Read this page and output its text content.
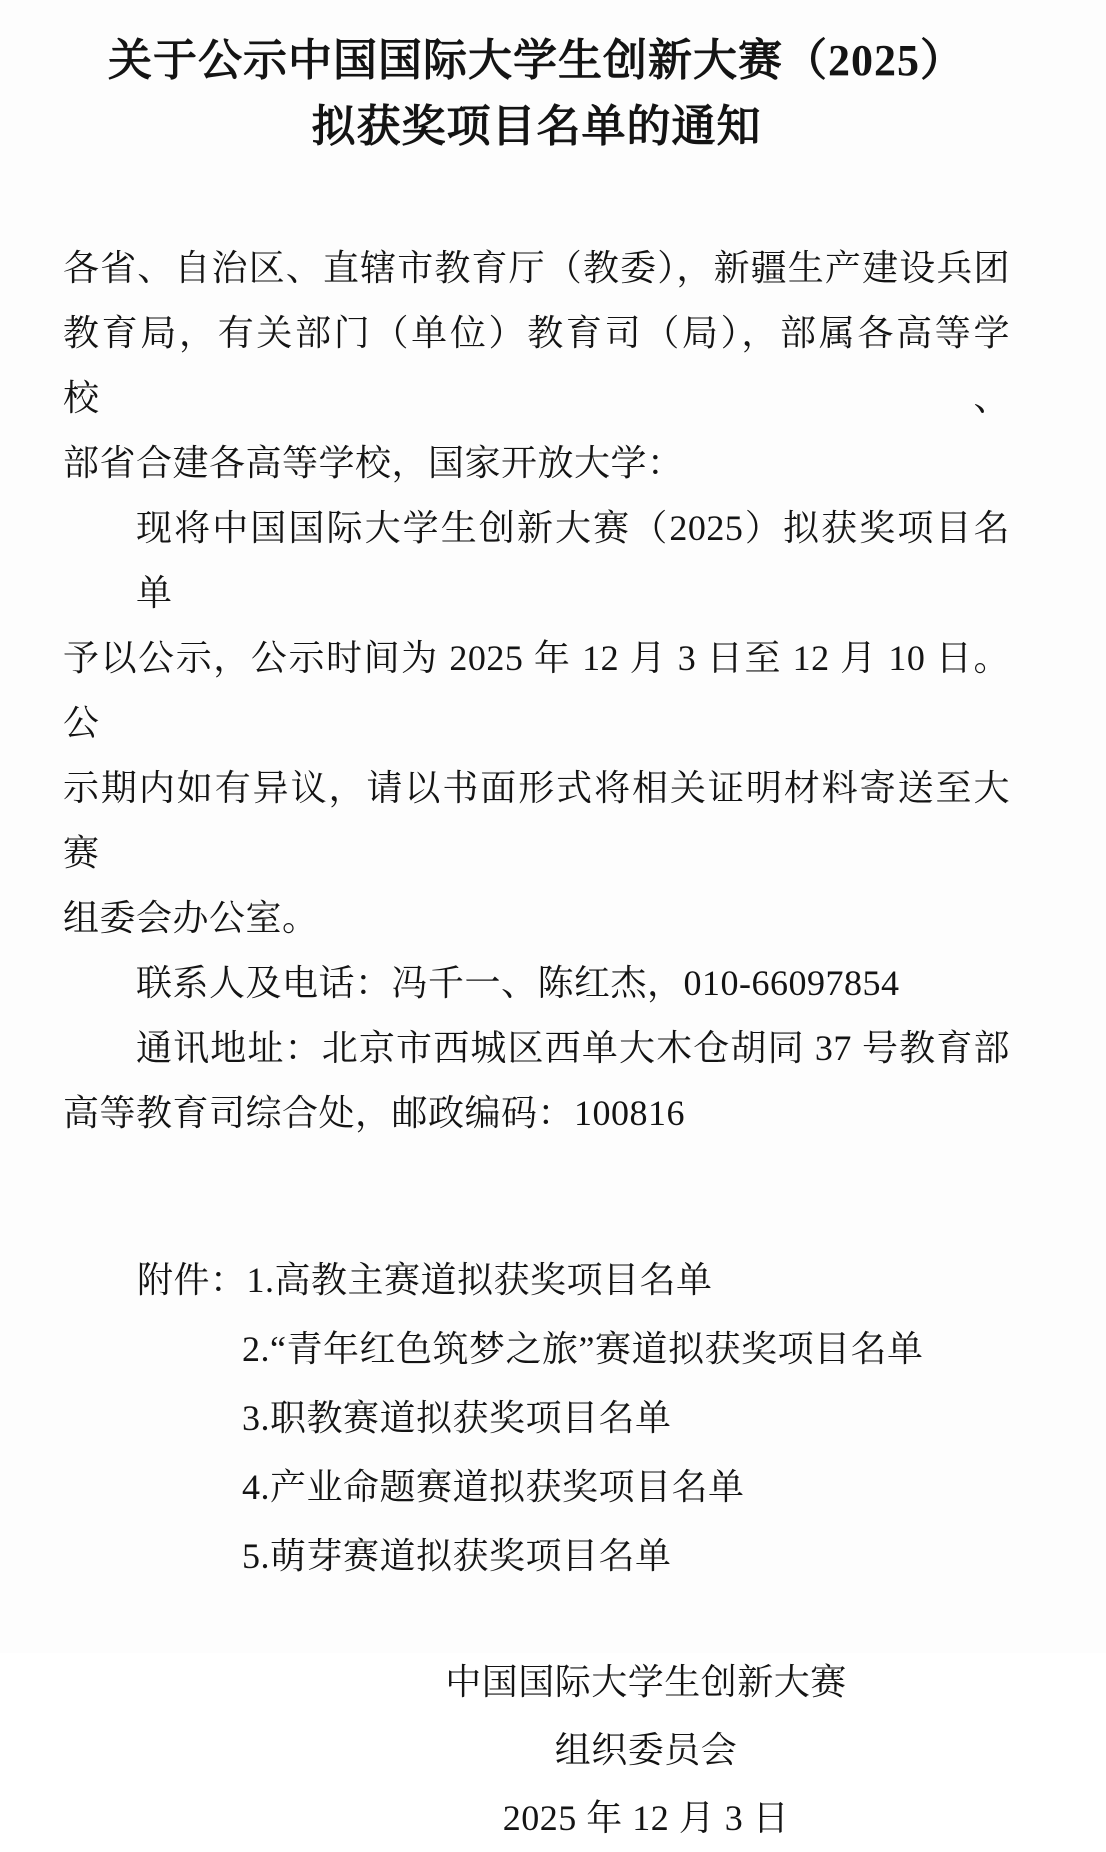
关于公示中国国际大学生创新大赛（2025）
拟获奖项目名单的通知
各省、自治区、直辖市教育厅（教委），新疆生产建设兵团
教育局，有关部门（单位）教育司（局），部属各高等学校、
部省合建各高等学校，国家开放大学：
现将中国国际大学生创新大赛（2025）拟获奖项目名单
予以公示，公示时间为 2025 年 12 月 3 日至 12 月 10 日。公
示期内如有异议，请以书面形式将相关证明材料寄送至大赛
组委会办公室。
联系人及电话：冯千一、陈红杰，010-66097854
通讯地址：北京市西城区西单大木仓胡同 37 号教育部
高等教育司综合处，邮政编码：100816
附件：1.高教主赛道拟获奖项目名单
2.“青年红色筑梦之旅”赛道拟获奖项目名单
3.职教赛道拟获奖项目名单
4.产业命题赛道拟获奖项目名单
5.萌芽赛道拟获奖项目名单
中国国际大学生创新大赛
组织委员会
2025 年 12 月 3 日
